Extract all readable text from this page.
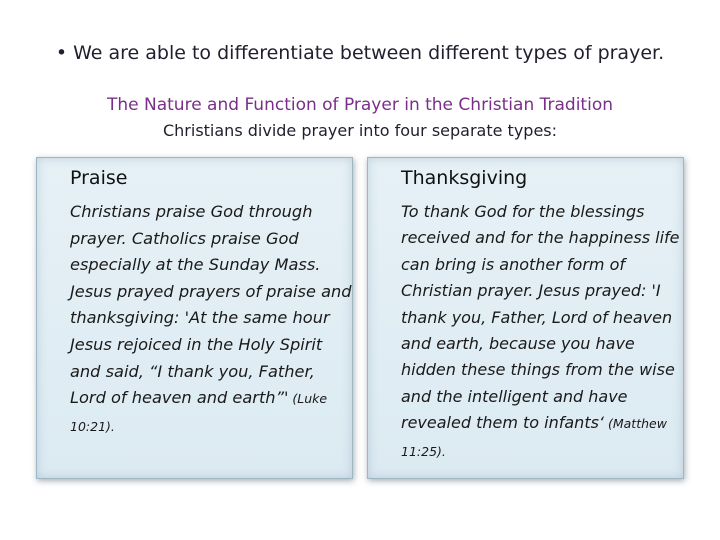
• We are able to differentiate between different types of prayer.
The Nature and Function of Prayer in the Christian Tradition
Christians divide prayer into four separate types:
Praise
Christians praise God through prayer. Catholics praise God especially at the Sunday Mass. Jesus prayed prayers of praise and thanksgiving: 'At the same hour Jesus rejoiced in the Holy Spirit and said, “I thank you, Father, Lord of heaven and earth”' (Luke 10:21).
Thanksgiving
To thank God for the blessings received and for the happiness life can bring is another form of Christian prayer. Jesus prayed: 'I thank you, Father, Lord of heaven and earth, because you have hidden these things from the wise and the intelligent and have revealed them to infants‘ (Matthew 11:25).
